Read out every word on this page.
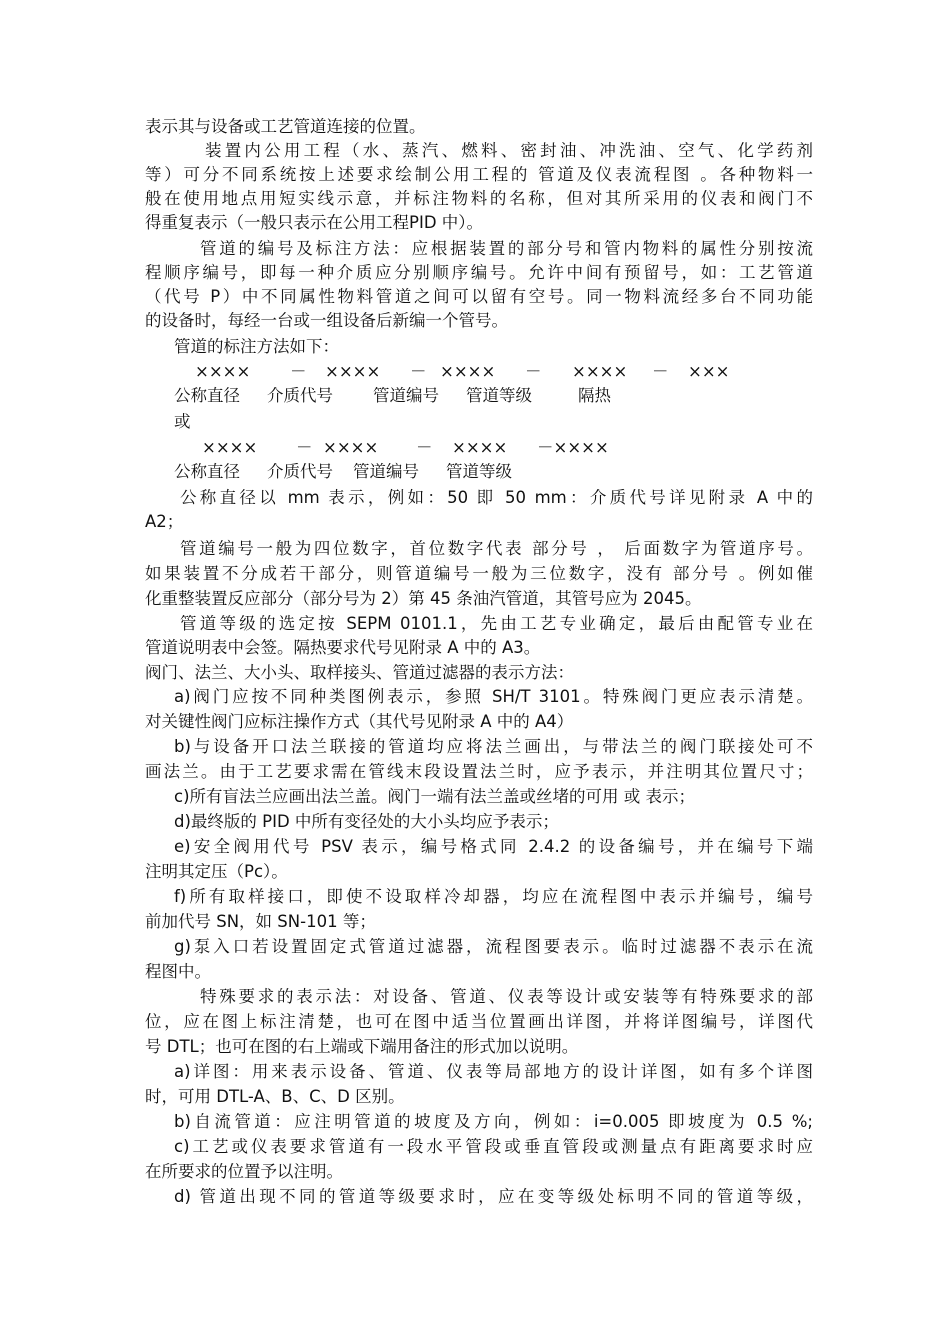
表示其与设备或工艺管道连接的位置。
装置内公用工程（水、蒸汽、燃料、密封油、冲洗油、空气、化学药剂
等）可分不同系统按上述要求绘制公用工程的 管道及仪表流程图 。各种物料一
般在使用地点用短实线示意，并标注物料的名称，但对其所采用的仪表和阀门不
得重复表示（一般只表示在公用工程PID 中）。
管道的编号及标注方法：应根据装置的部分号和管内物料的属性分别按流
程顺序编号，即每一种介质应分别顺序编号。允许中间有预留号，如：工艺管道
（代号 P）中不同属性物料管道之间可以留有空号。同一物料流经多台不同功能
的设备时，每经一台或一组设备后新编一个管号。
管道的标注方法如下：
×××× － ×××× － ×××× － ×××× － ×××
公称直径 介质代号 管道编号 管道等级	隔热
或
×××× － ×××× － ×××× －××××
公称直径 介质代号 管道编号 管道等级
公称直径以 mm 表示，例如：50 即 50 mm：介质代号详见附录 A 中的
A2；
管道编号一般为四位数字，首位数字代表 部分号 ， 后面数字为管道序号。
如果装置不分成若干部分，则管道编号一般为三位数字，没有 部分号 。例如催
化重整装置反应部分（部分号为 2）第 45 条油汽管道，其管号应为 2045。
管道等级的选定按 SEPM 0101.1，先由工艺专业确定，最后由配管专业在
管道说明表中会签。隔热要求代号见附录 A 中的 A3。
阀门、法兰、大小头、取样接头、管道过滤器的表示方法：
a)阀门应按不同种类图例表示，参照 SH/T 3101。特殊阀门更应表示清楚。
对关键性阀门应标注操作方式（其代号见附录 A 中的 A4）
b)与设备开口法兰联接的管道均应将法兰画出，与带法兰的阀门联接处可不
画法兰。由于工艺要求需在管线末段设置法兰时，应予表示，并注明其位置尺寸；
c)所有盲法兰应画出法兰盖。阀门一端有法兰盖或丝堵的可用 或 表示；
d)最终版的 PID 中所有变径处的大小头均应予表示；
e)安全阀用代号 PSV 表示，编号格式同 2.4.2 的设备编号，并在编号下端
注明其定压（Pc）。
f)所有取样接口，即使不设取样冷却器，均应在流程图中表示并编号，编号
前加代号 SN，如 SN-101 等；
g)泵入口若设置固定式管道过滤器，流程图要表示。临时过滤器不表示在流
程图中。
特殊要求的表示法：对设备、管道、仪表等设计或安装等有特殊要求的部
位，应在图上标注清楚，也可在图中适当位置画出详图，并将详图编号，详图代
号 DTL；也可在图的右上端或下端用备注的形式加以说明。
a)详图：用来表示设备、管道、仪表等局部地方的设计详图，如有多个详图
时，可用 DTL-A、B、C、D 区别。
b)自流管道：应注明管道的坡度及方向，例如：i=0.005 即坡度为 0.5 %;
c)工艺或仪表要求管道有一段水平管段或垂直管段或测量点有距离要求时应
在所要求的位置予以注明。
d) 管道出现不同的管道等级要求时，应在变等级处标明不同的管道等级，
